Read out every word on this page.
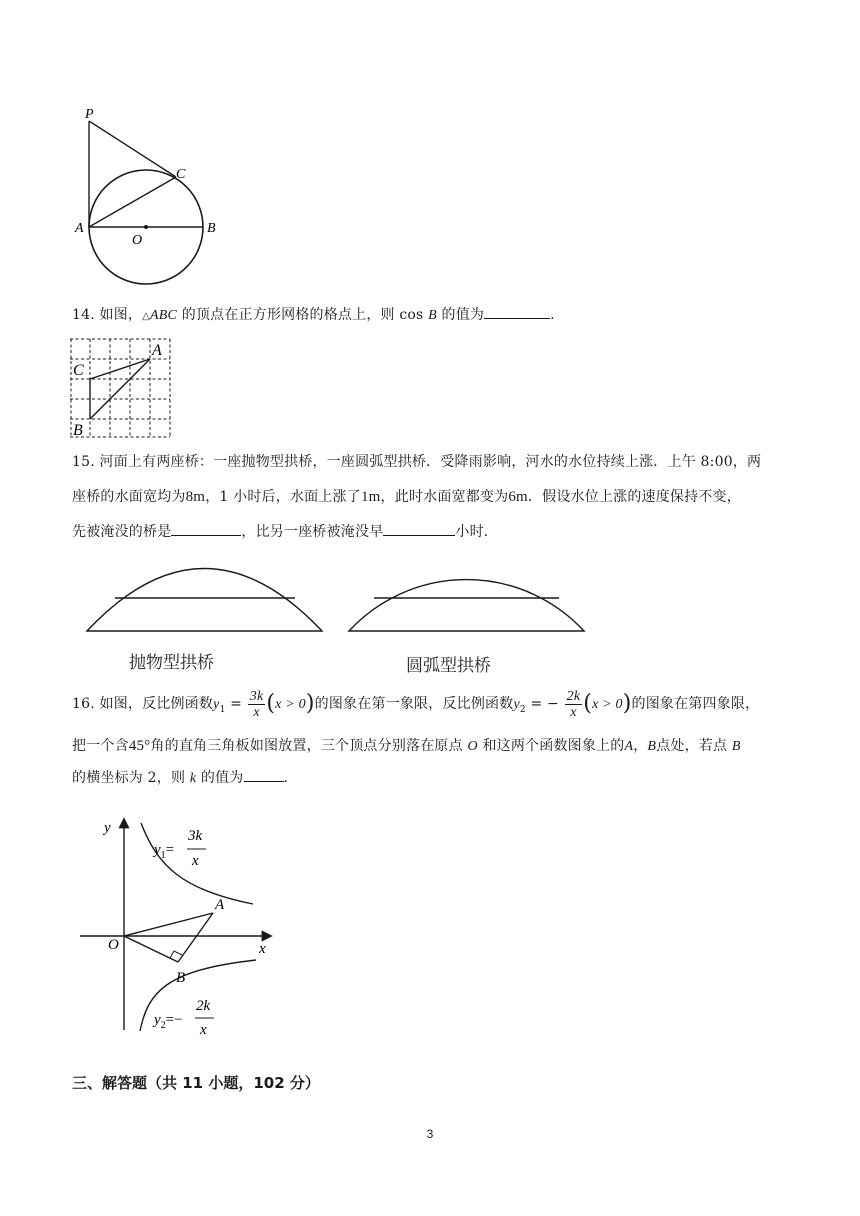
P
C
A
O
B
14. 如图，△ABC 的顶点在正方形网格的格点上，则 cos B 的值为	.
A
C
B
15. 河面上有两座桥：一座抛物型拱桥，一座圆弧型拱桥．受降雨影响，河水的水位持续上涨．上午 8:00，两
座桥的水面宽均为8m，1 小时后，水面上涨了1m，此时水面宽都变为6m．假设水位上涨的速度保持不变，
先被淹没的桥是	，比另一座桥被淹没早	小时．
抛物型拱桥	圆弧型拱桥
16. 如图，反比例函数$y_1 = \frac{3k}{x} (x > 0)$的图象在第一象限，反比例函数$y_2$ = − $\frac{2k}{x} (x > 0)$的图象在第四象限，
把一个含45°角的直角三角板如图放置，三个顶点分别落在原点 O 和这两个函数图象上的A，B点处，若点 B
的横坐标为 2，则 k 的值为	.
y
x
O
A
B
$y_1=$
3k
x
$y_2=-$
2k
x
三、解答题（共 11 小题，102 分）
3
